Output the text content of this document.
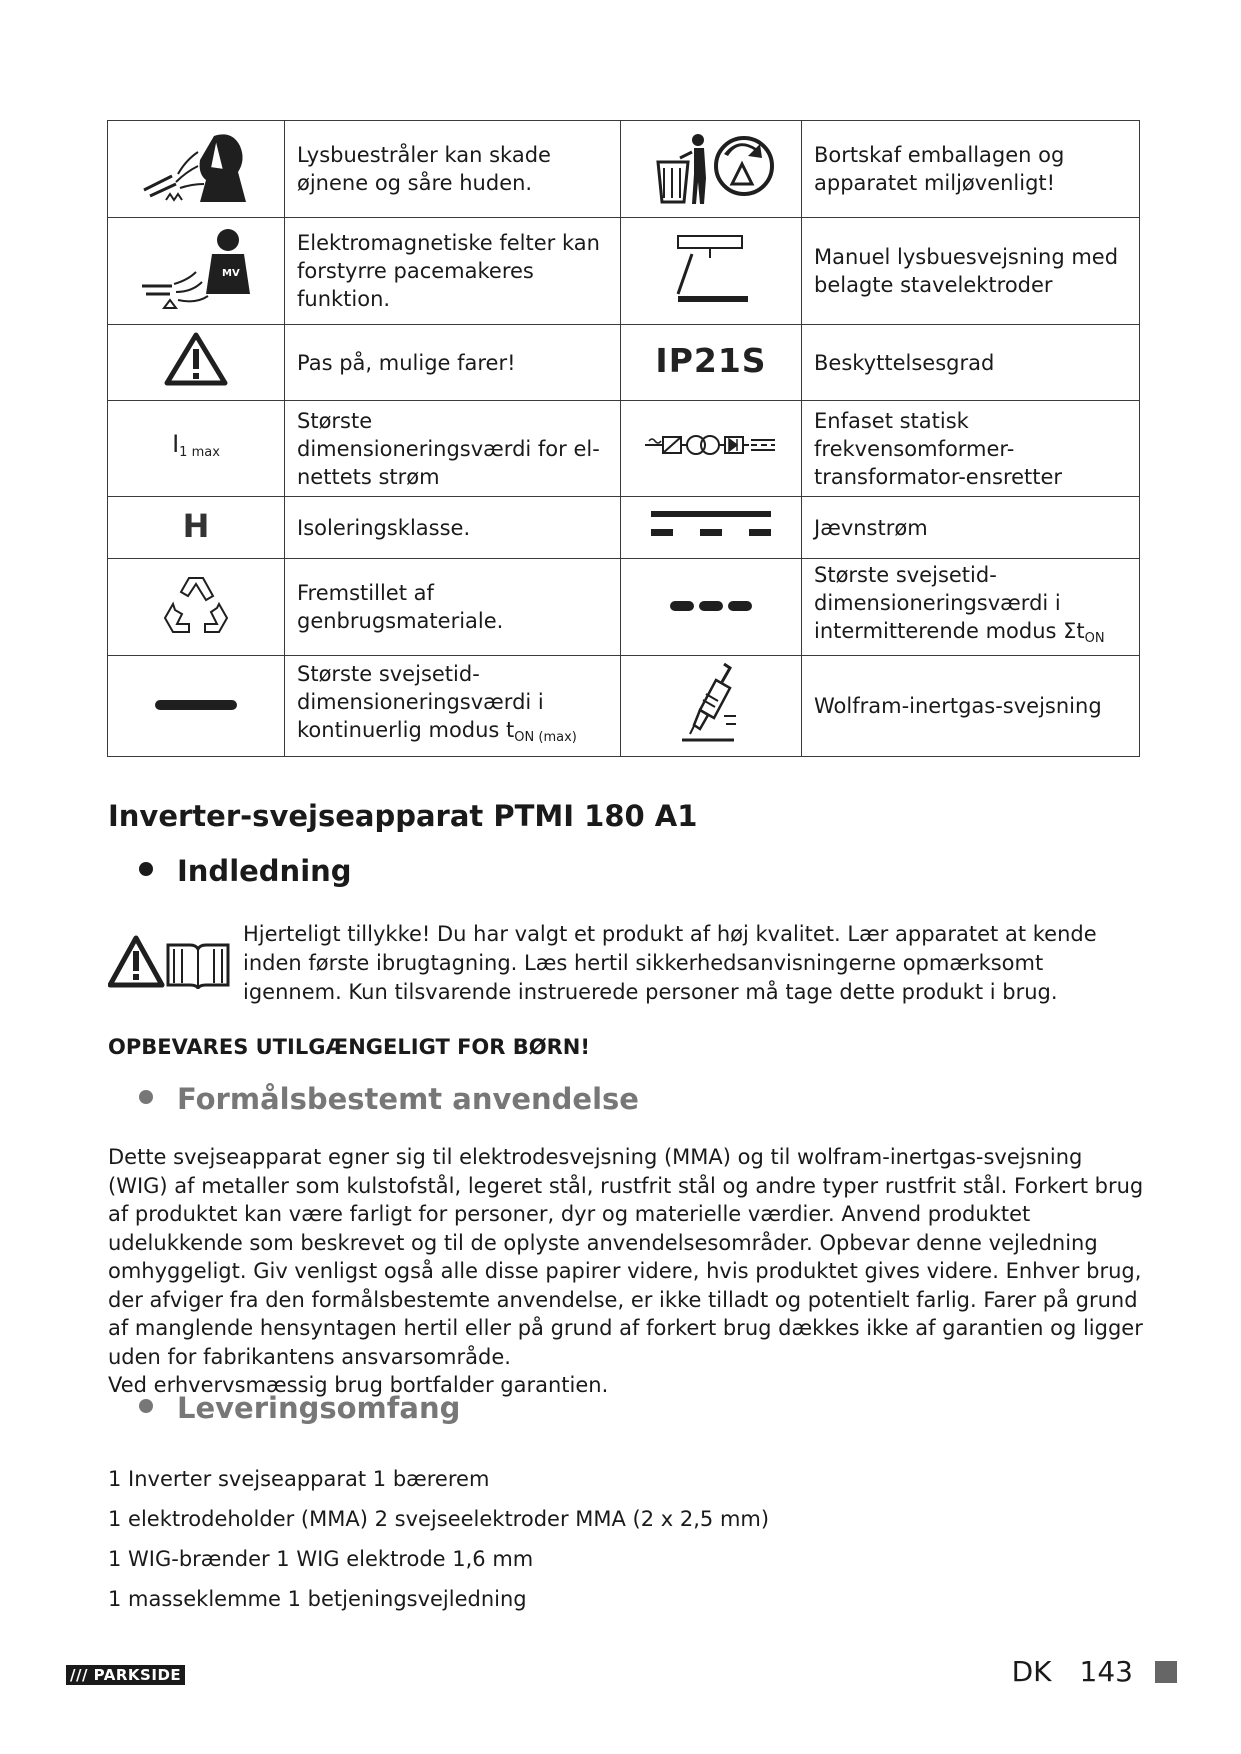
	Lysbuestråler kan skade øjnene og såre huden.		Bortskaf emballagen og apparatet miljøvenligt!

MV	Elektromagnetiske felter kan forstyrre pacemakeres funktion.		Manuel lysbuesvejsning med belagte stavelektroder
	Pas på, mulige farer!	IP21S	Beskyttelsesgrad
$I_{1 max}$	Største dimensioneringsværdi for el-nettets strøm		Enfaset statisk frekvensomformer-transformator-ensretter
H	Isoleringsklasse.		Jævnstrøm
	Fremstillet af genbrugsmateriale.		Største svejsetid-dimensioneringsværdi i intermitterende modus $\Sigma t_{ON}$
	Største svejsetid-dimensioneringsværdi i kontinuerlig modus $t_{ON (max)}$		Wolfram-inertgas-svejsning
Inverter-svejseapparat PTMI 180 A1
Indledning

Hjerteligt tillykke! Du har valgt et produkt af høj kvalitet. Lær apparatet at kende inden første ibrugtagning. Læs hertil sikkerhedsanvisningerne opmærksomt igennem. Kun tilsvarende instruerede personer må tage dette produkt i brug.

OPBEVARES UTILGÆNGELIGT FOR BØRN!

Formålsbestemt anvendelse

Dette svejseapparat egner sig til elektrodesvejsning (MMA) og til wolfram-inertgas-svejsning (WIG) af metaller som kulstofstål, legeret stål, rustfrit stål og andre typer rustfrit stål. Forkert brug af produktet kan være farligt for personer, dyr og materielle værdier. Anvend produktet udelukkende som beskrevet og til de oplyste anvendelsesområder. Opbevar denne vejledning omhyggeligt. Giv venligst også alle disse papirer videre, hvis produktet gives videre. Enhver brug, der afviger fra den formålsbestemte anvendelse, er ikke tilladt og potentielt farlig. Farer på grund af manglende hensyntagen hertil eller på grund af forkert brug dækkes ikke af garantien og ligger uden for fabrikantens ansvarsområde.
Ved erhvervsmæssig brug bortfalder garantien.

Leveringsomfang
1 Inverter svejseapparat 1 bærerem
1 elektrodeholder (MMA) 2 svejseelektroder MMA (2 x 2,5 mm)
1 WIG-brænder 1 WIG elektrode 1,6 mm
1 masseklemme 1 betjeningsvejledning
/// PARKSIDE	DK 143
